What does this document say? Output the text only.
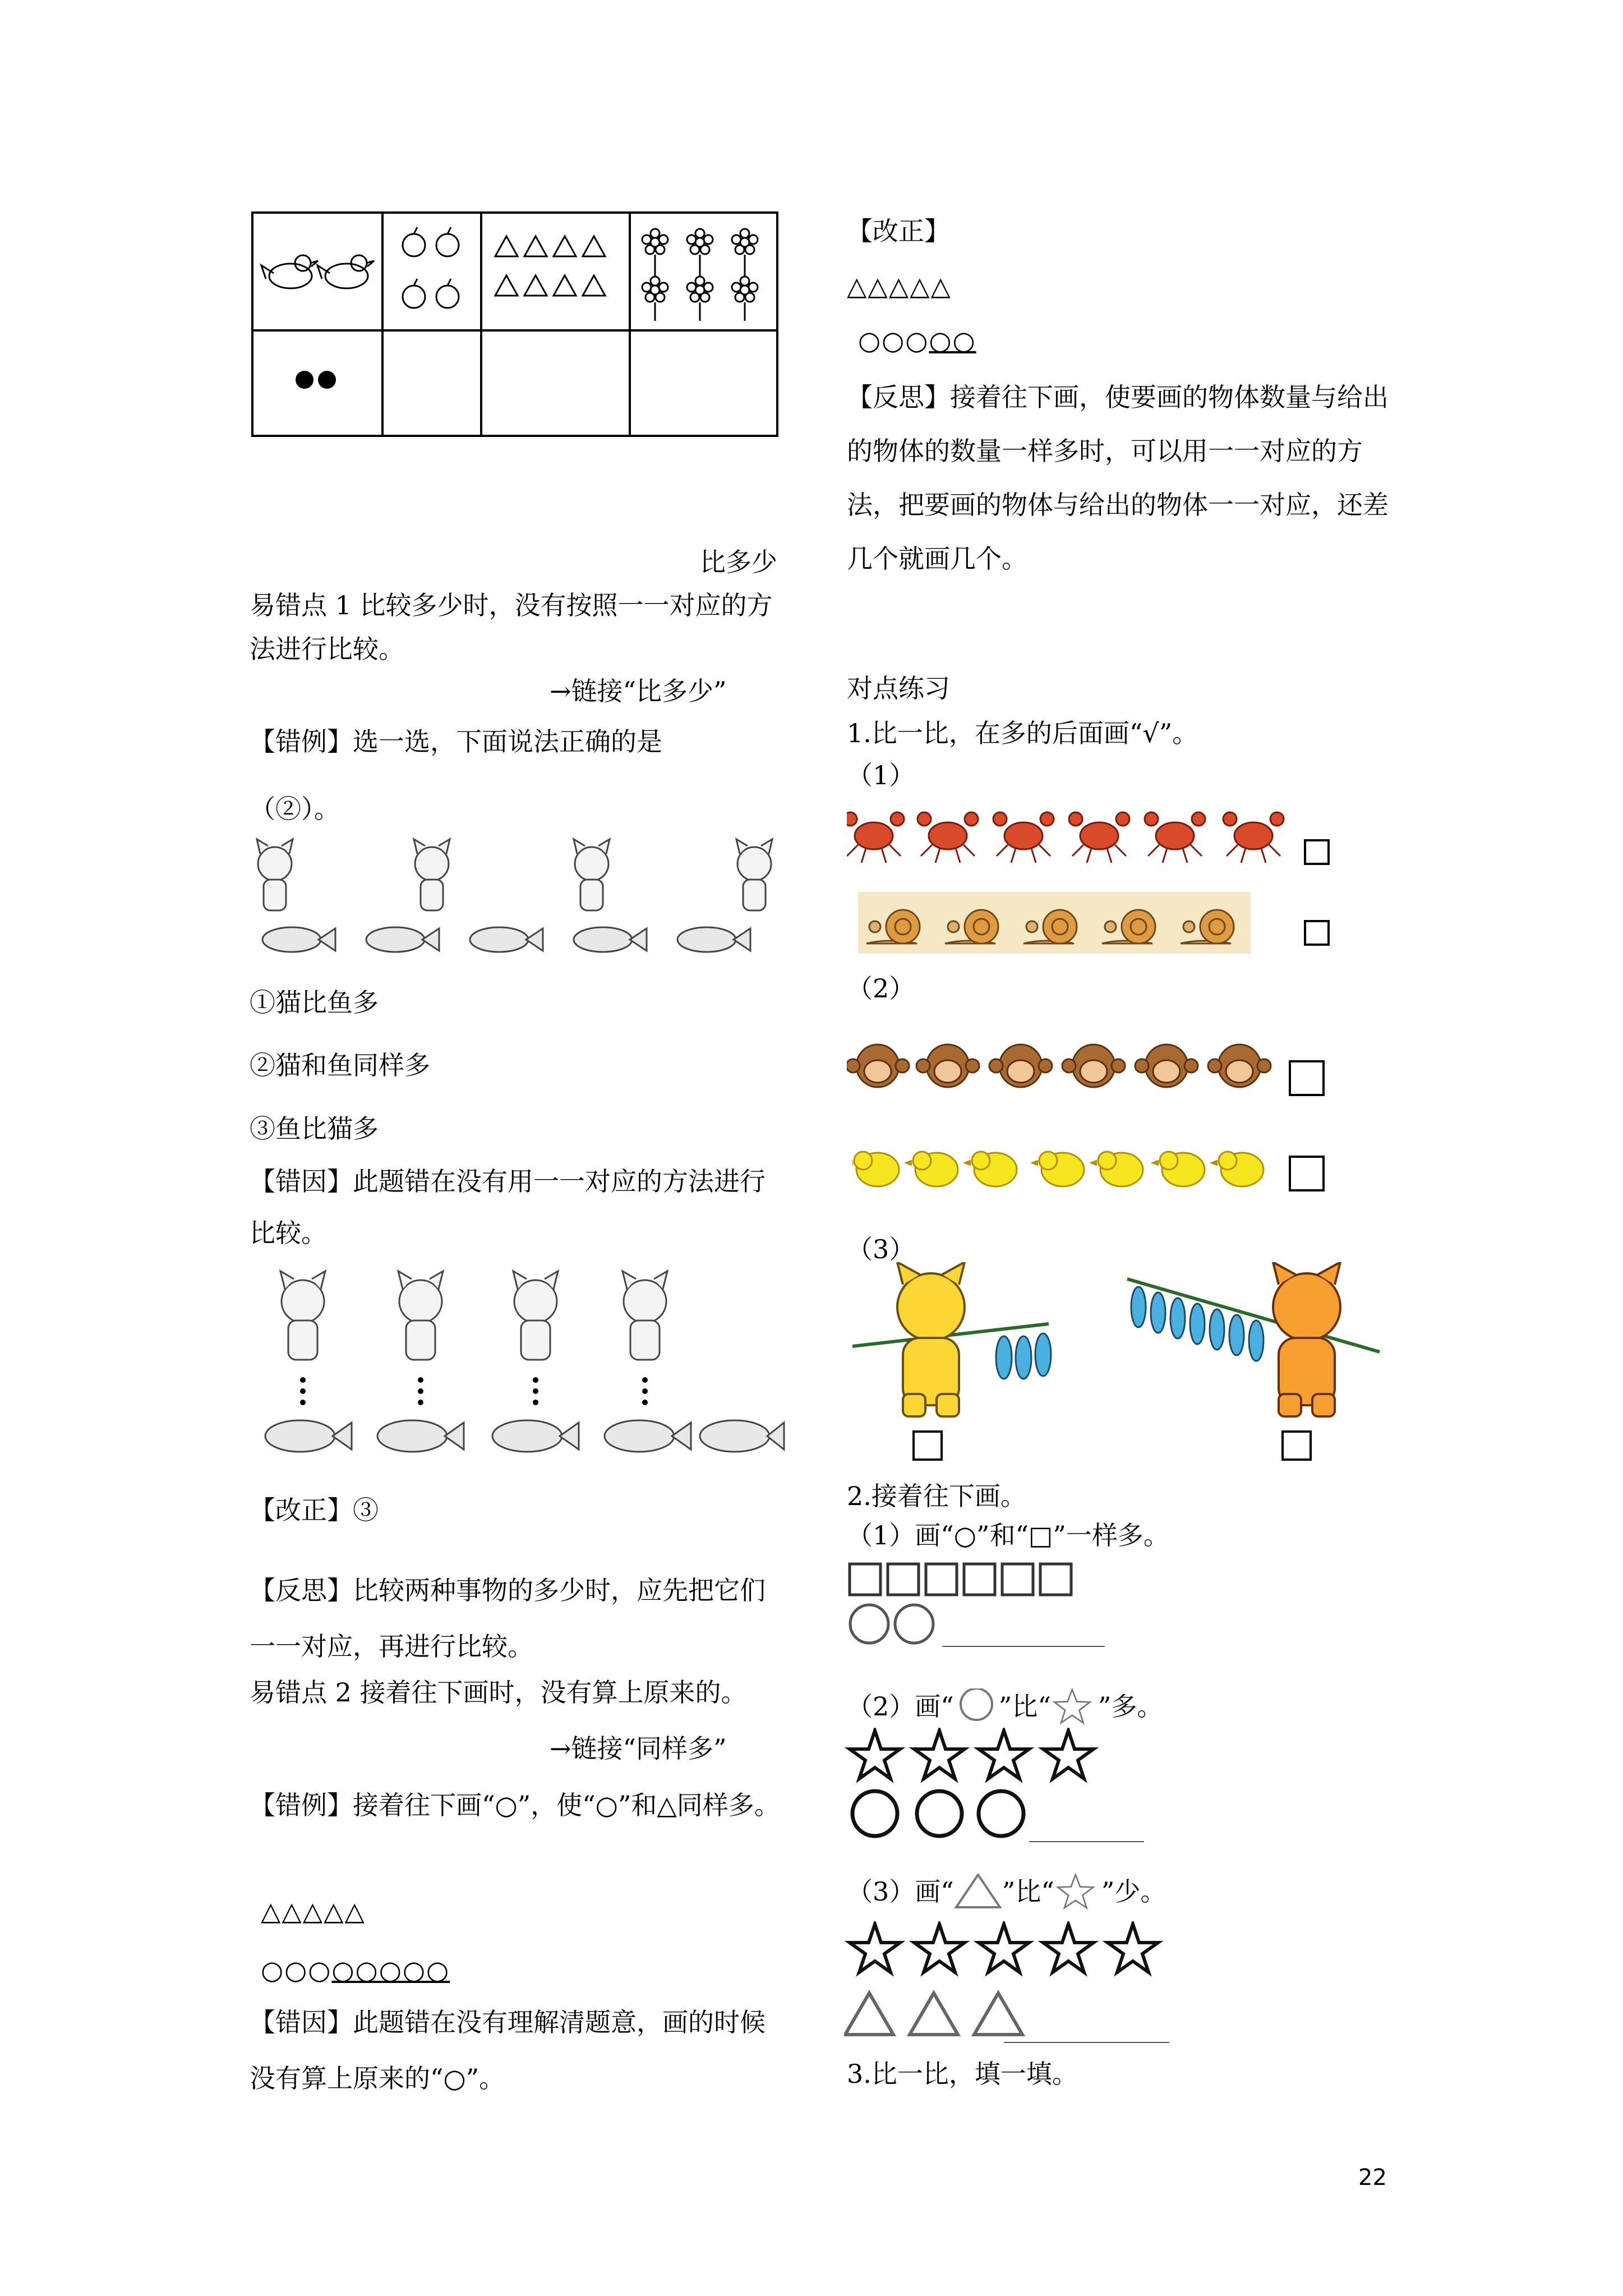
比多少
易错点 1 比较多少时，没有按照一一对应的方法进行比较。
→链接“比多少”
【错例】选一选，下面说法正确的是
（②）。
①猫比鱼多
②猫和鱼同样多
③鱼比猫多
【错因】此题错在没有用一一对应的方法进行比较。
【改正】③
【反思】比较两种事物的多少时，应先把它们一一对应，再进行比较。
易错点 2 接着往下画时，没有算上原来的。
→链接“同样多”
【错例】接着往下画“○”，使“○”和△同样多。
△△△△△
○○○○○○○○
【错因】此题错在没有理解清题意，画的时候没有算上原来的“○”。
【改正】
△△△△△
○○○○○
【反思】接着往下画，使要画的物体数量与给出的物体的数量一样多时，可以用一一对应的方法，把要画的物体与给出的物体一一对应，还差几个就画几个。
对点练习
1.比一比，在多的后面画“√”。
（1）
（2）
（3）
2.接着往下画。
（1）画“○”和“□”一样多。
（2）画“ ”比“ ”多。
（3）画“ ”比“ ”少。
3.比一比，填一填。
22
